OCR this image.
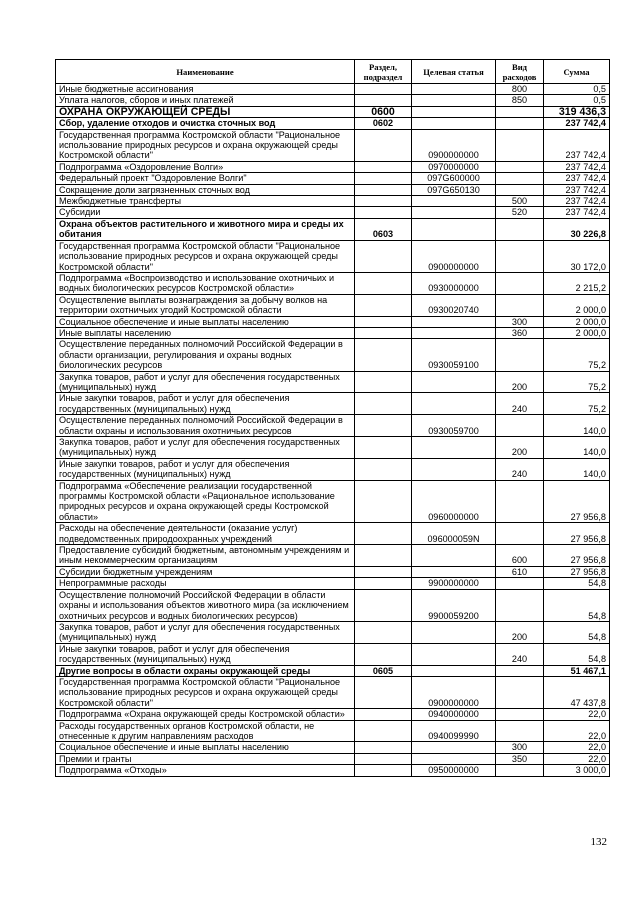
Наименование	Раздел, подраздел	Целевая статья	Вид расходов	Сумма
Иные бюджетные ассигнования			800	0,5
Уплата налогов, сборов и иных платежей			850	0,5
ОХРАНА ОКРУЖАЮЩЕЙ СРЕДЫ	0600			319 436,3
Сбор, удаление отходов и очистка сточных вод	0602			237 742,4
Государственная программа Костромской области "Рациональное использование природных ресурсов и охрана окружающей среды Костромской области"		0900000000		237 742,4
Подпрограмма «Оздоровление Волги»		0970000000		237 742,4
Федеральный проект "Оздоровление Волги"		097G600000		237 742,4
Сокращение доли загрязненных сточных вод		097G650130		237 742,4
Межбюджетные трансферты			500	237 742,4
Субсидии			520	237 742,4
Охрана объектов растительного и животного мира и среды их обитания	0603			30 226,8
Государственная программа Костромской области "Рациональное использование природных ресурсов и охрана окружающей среды Костромской области"		0900000000		30 172,0
Подпрограмма «Воспроизводство и использование охотничьих и водных биологических ресурсов Костромской области»		0930000000		2 215,2
Осуществление выплаты вознаграждения за добычу волков на территории охотничьих угодий Костромской области		0930020740		2 000,0
Социальное обеспечение и иные выплаты населению			300	2 000,0
Иные выплаты населению			360	2 000,0
Осуществление переданных полномочий Российской Федерации в области организации, регулирования и охраны водных биологических ресурсов		0930059100		75,2
Закупка товаров, работ и услуг для обеспечения государственных (муниципальных) нужд			200	75,2
Иные закупки товаров, работ и услуг для обеспечения государственных (муниципальных) нужд			240	75,2
Осуществление переданных полномочий Российской Федерации в области охраны и использования охотничьих ресурсов		0930059700		140,0
Закупка товаров, работ и услуг для обеспечения государственных (муниципальных) нужд			200	140,0
Иные закупки товаров, работ и услуг для обеспечения государственных (муниципальных) нужд			240	140,0
Подпрограмма «Обеспечение реализации государственной программы Костромской области «Рациональное использование природных ресурсов и охрана окружающей среды Костромской области»		0960000000		27 956,8
Расходы на обеспечение деятельности (оказание услуг) подведомственных природоохранных учреждений		096000059N		27 956,8
Предоставление субсидий бюджетным, автономным учреждениям и иным некоммерческим организациям			600	27 956,8
Субсидии бюджетным учреждениям			610	27 956,8
Непрограммные расходы		9900000000		54,8
Осуществление полномочий Российской Федерации в области охраны и использования объектов животного мира (за исключением охотничьих ресурсов и водных биологических ресурсов)		9900059200		54,8
Закупка товаров, работ и услуг для обеспечения государственных (муниципальных) нужд			200	54,8
Иные закупки товаров, работ и услуг для обеспечения государственных (муниципальных) нужд			240	54,8
Другие вопросы в области охраны окружающей среды	0605			51 467,1
Государственная программа Костромской области "Рациональное использование природных ресурсов и охрана окружающей среды Костромской области"		0900000000		47 437,8
Подпрограмма «Охрана окружающей среды Костромской области»		0940000000		22,0
Расходы государственных органов Костромской области, не отнесенные к другим направлениям расходов		0940099990		22,0
Социальное обеспечение и иные выплаты населению			300	22,0
Премии и гранты			350	22,0
Подпрограмма «Отходы»		0950000000		3 000,0
132
